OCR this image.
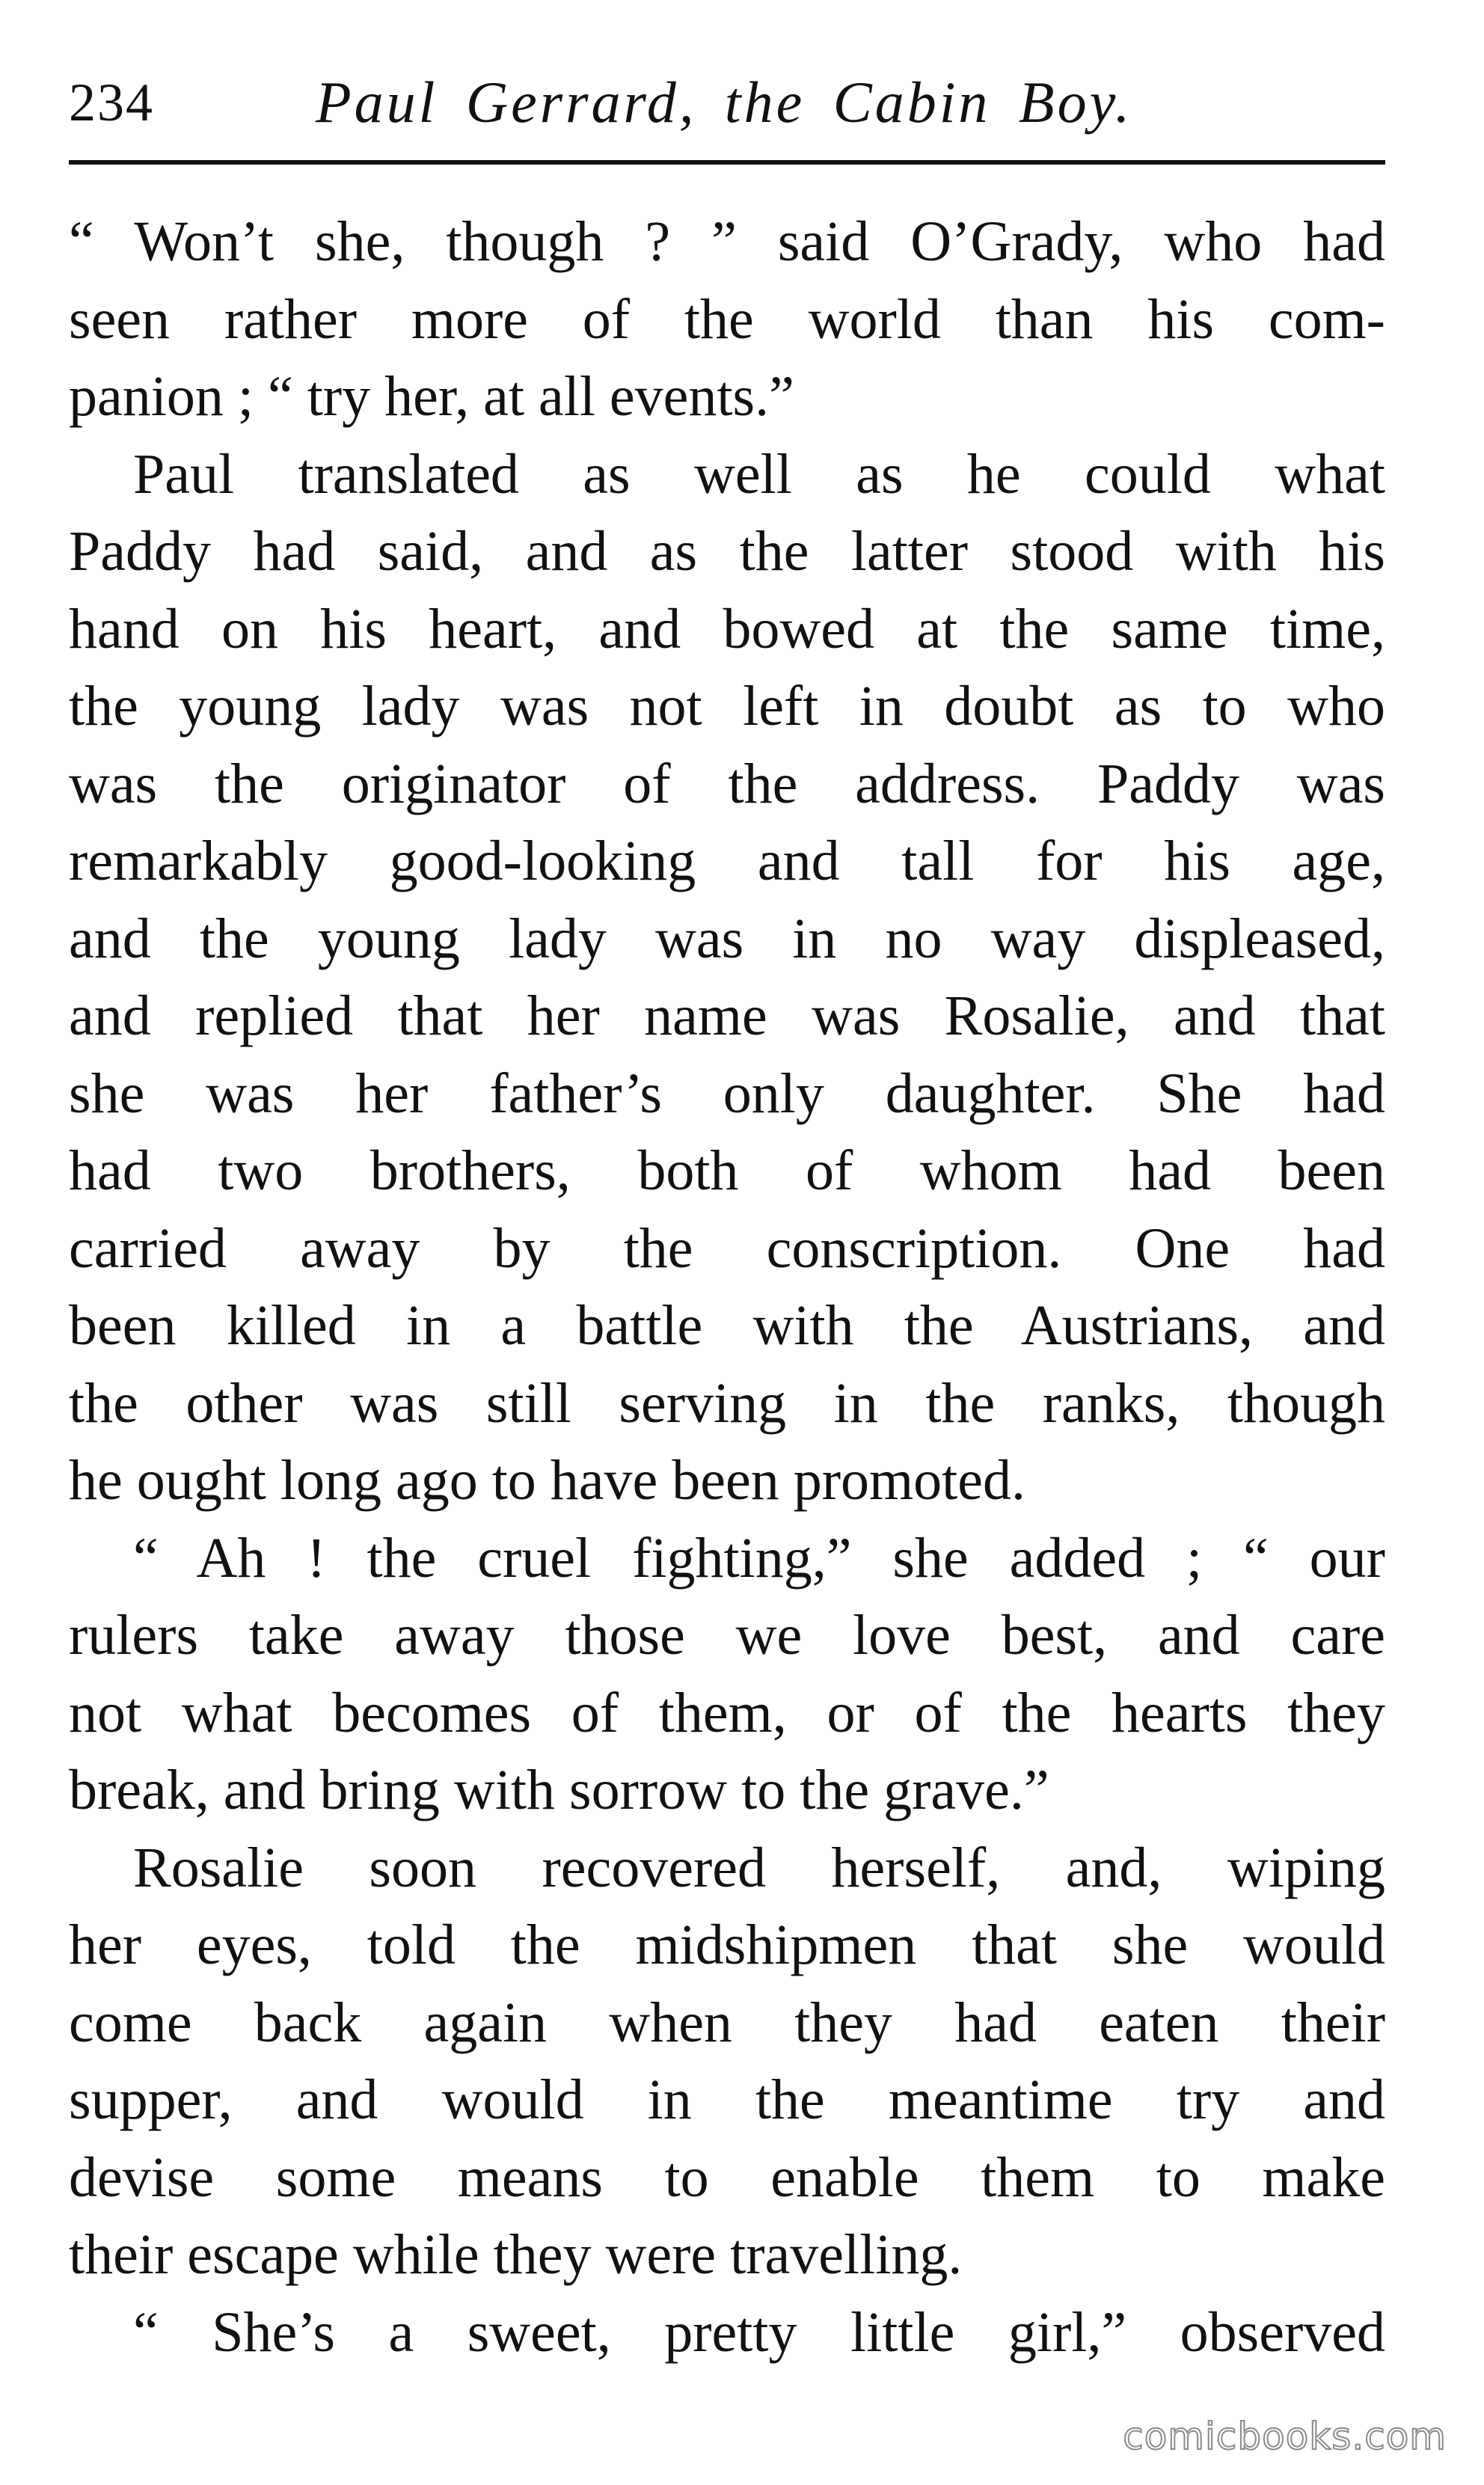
234	Paul Gerrard, the Cabin Boy.
“ Won’t she, though ? ” said O’Grady, who had
seen rather more of the world than his com-
panion ; “ try her, at all events.”
Paul translated as well as he could what
Paddy had said, and as the latter stood with his
hand on his heart, and bowed at the same time,
the young lady was not left in doubt as to who
was the originator of the address. Paddy was
remarkably good-looking and tall for his age,
and the young lady was in no way displeased,
and replied that her name was Rosalie, and that
she was her father’s only daughter. She had
had two brothers, both of whom had been
carried away by the conscription. One had
been killed in a battle with the Austrians, and
the other was still serving in the ranks, though
he ought long ago to have been promoted.
“ Ah ! the cruel fighting,” she added ; “ our
rulers take away those we love best, and care
not what becomes of them, or of the hearts they
break, and bring with sorrow to the grave.”
Rosalie soon recovered herself, and, wiping
her eyes, told the midshipmen that she would
come back again when they had eaten their
supper, and would in the meantime try and
devise some means to enable them to make
their escape while they were travelling.
“ She’s a sweet, pretty little girl,” observed
comicbooks.com
